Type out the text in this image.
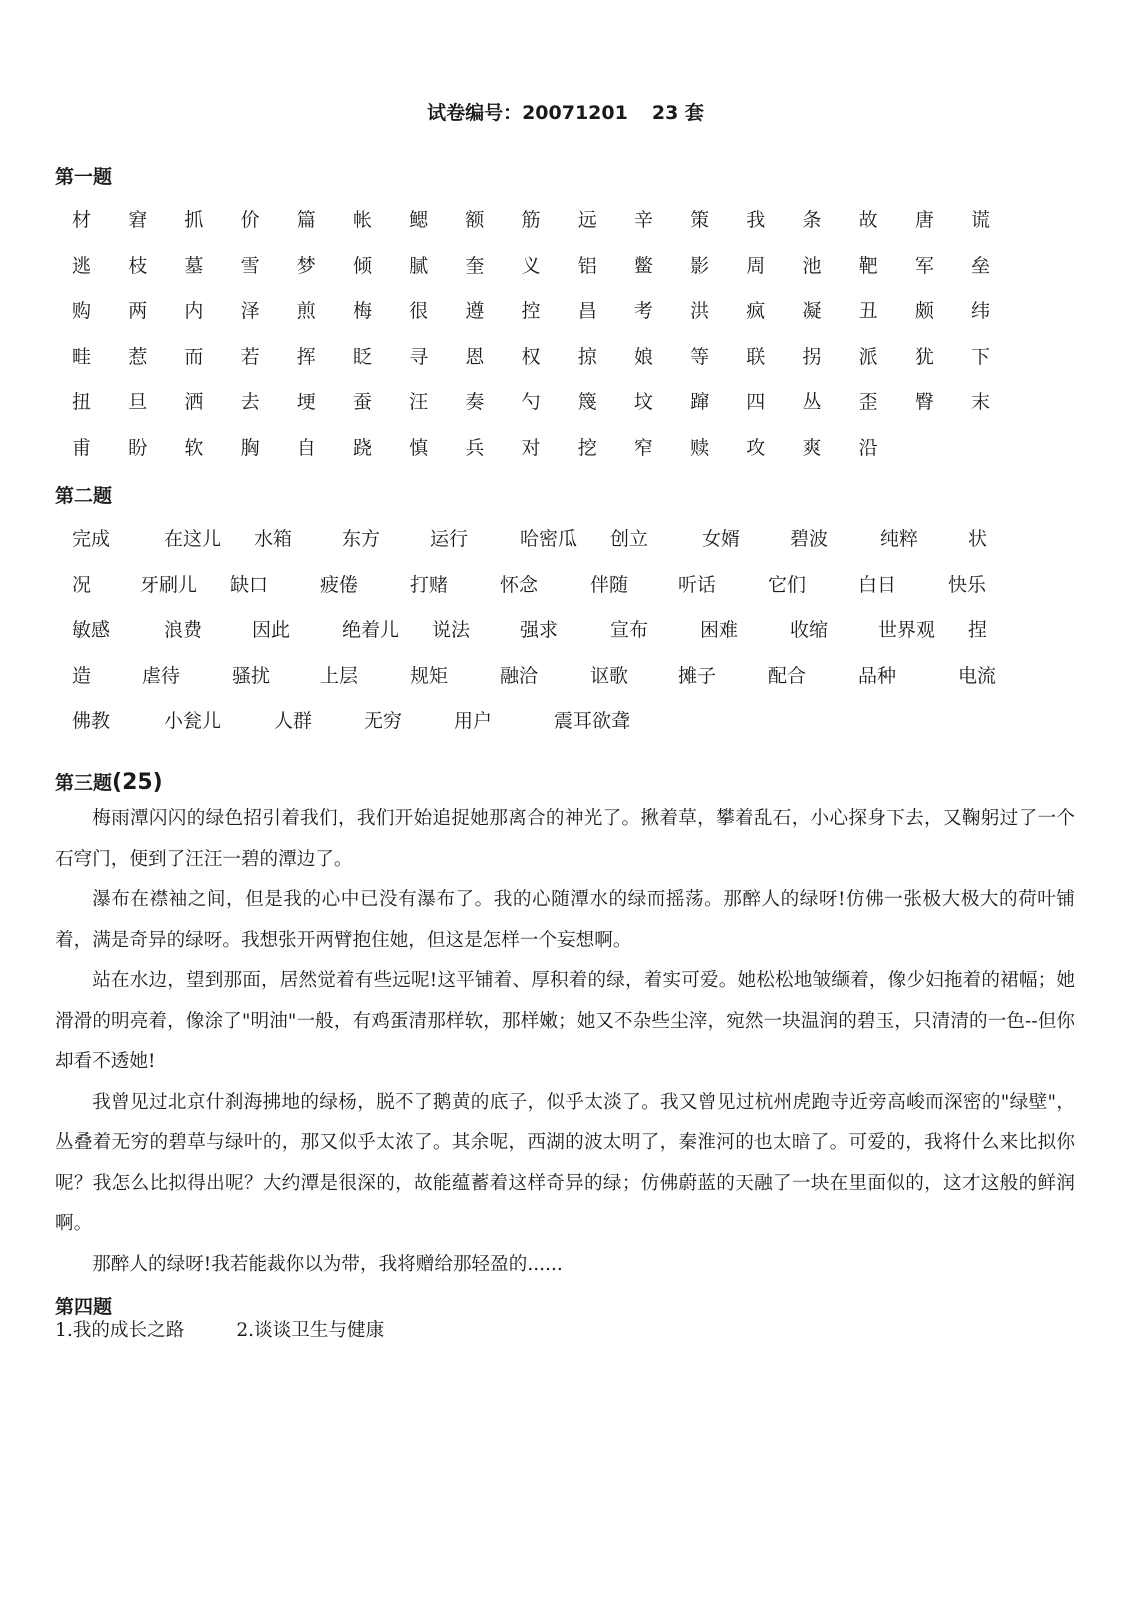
试卷编号：20071201 23 套
第一题
材	窘	抓	价	篇	帐	鳃	额	筋	远	辛	策	我	条	故	唐	谎
逃	枝	墓	雪	梦	倾	腻	奎	义	铝	鳖	影	周	池	靶	军	垒
购	两	内	泽	煎	梅	很	遵	控	昌	考	洪	疯	凝	丑	颇	纬
畦	惹	而	若	挥	眨	寻	恩	权	掠	娘	等	联	拐	派	犹	下
扭	旦	洒	去	埂	蚕	汪	奏	勺	篾	坟	蹿	四	丛	歪	臀	末
甫	盼	软	胸	自	跷	慎	兵	对	挖	窄	赎	攻	爽	沿
第二题
完成	在这儿 水箱	东方	运行	哈密瓜 创立	女婿	碧波	纯粹	状
况	牙刷儿 缺口	疲倦	打赌	怀念	伴随	听话	它们	白日	快乐
敏感	浪费	因此	绝着儿 说法	强求	宣布	困难	收缩	世界观 捏
造	虐待	骚扰	上层	规矩	融洽	讴歌	摊子	配合	品种	电流
佛教	小瓮儿	人群	无穷	用户	震耳欲聋
第三题(25)

梅雨潭闪闪的绿色招引着我们，我们开始追捉她那离合的神光了。揪着草，攀着乱石，小心探身下去，又鞠躬过了一个石穹门，便到了汪汪一碧的潭边了。

瀑布在襟袖之间，但是我的心中已没有瀑布了。我的心随潭水的绿而摇荡。那醉人的绿呀!仿佛一张极大极大的荷叶铺着，满是奇异的绿呀。我想张开两臂抱住她，但这是怎样一个妄想啊。

站在水边，望到那面，居然觉着有些远呢!这平铺着、厚积着的绿，着实可爱。她松松地皱缬着，像少妇拖着的裙幅；她滑滑的明亮着，像涂了"明油"一般，有鸡蛋清那样软，那样嫩；她又不杂些尘滓，宛然一块温润的碧玉，只清清的一色--但你却看不透她!

我曾见过北京什刹海拂地的绿杨，脱不了鹅黄的底子，似乎太淡了。我又曾见过杭州虎跑寺近旁高峻而深密的"绿壁"，丛叠着无穷的碧草与绿叶的，那又似乎太浓了。其余呢，西湖的波太明了，秦淮河的也太暗了。可爱的，我将什么来比拟你呢？我怎么比拟得出呢？大约潭是很深的，故能蕴蓄着这样奇异的绿；仿佛蔚蓝的天融了一块在里面似的，这才这般的鲜润啊。

那醉人的绿呀!我若能裁你以为带，我将赠给那轻盈的......

第四题
1.我的成长之路	2.谈谈卫生与健康
